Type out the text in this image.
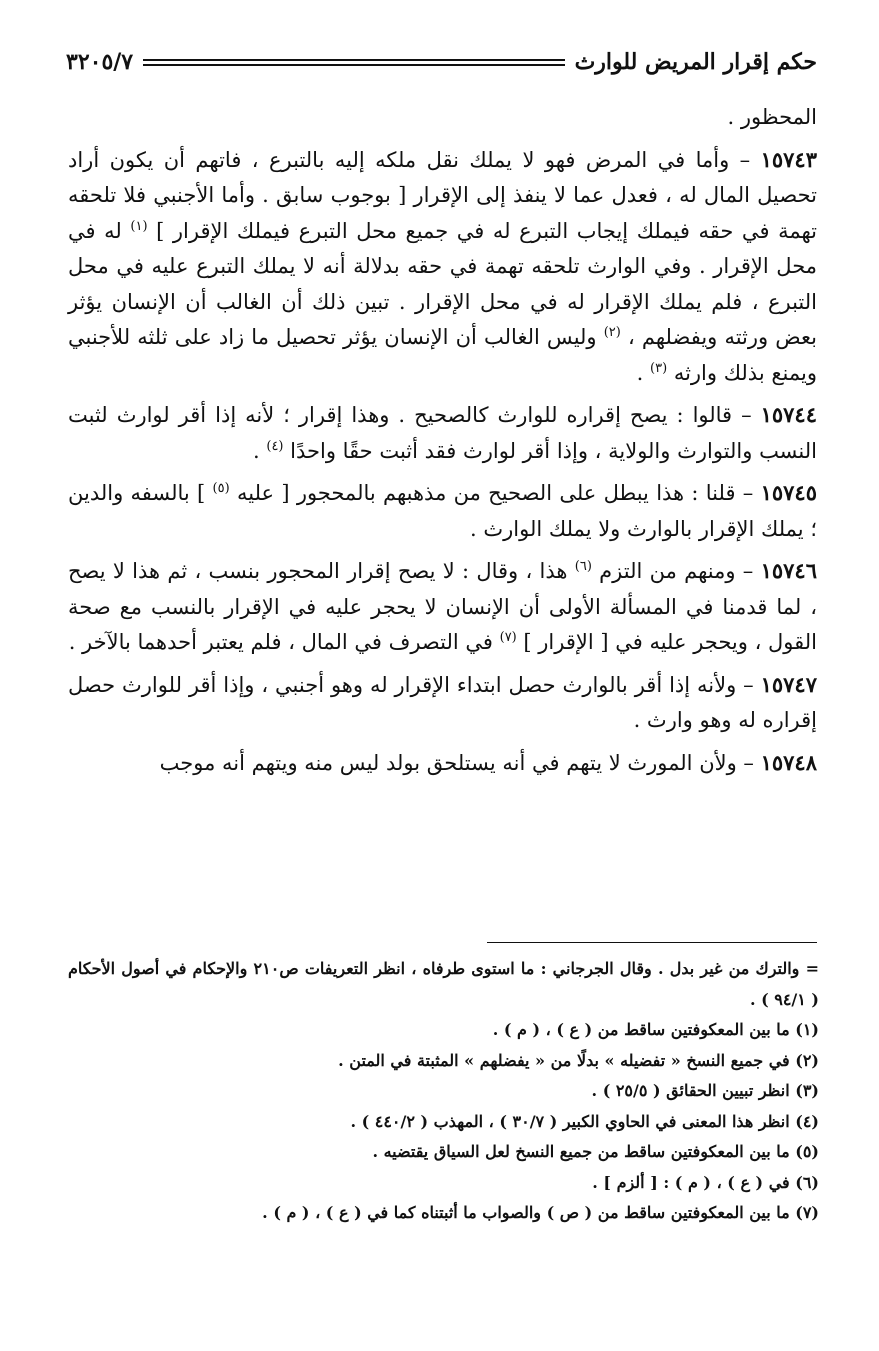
حكم إقرار المريض للوارث
٣٢٠٥/٧

المحظور .

١٥٧٤٣ – وأما في المرض فهو لا يملك نقل ملكه إليه بالتبرع ، فاتهم أن يكون أراد تحصيل المال له ، فعدل عما لا ينفذ إلى الإقرار [ بوجوب سابق . وأما الأجنبي فلا تلحقه تهمة في حقه فيملك إيجاب التبرع له في جميع محل التبرع فيملك الإقرار ] $^{(١)}$ له في محل الإقرار . وفي الوارث تلحقه تهمة في حقه بدلالة أنه لا يملك التبرع عليه في محل التبرع ، فلم يملك الإقرار له في محل الإقرار . تبين ذلك أن الغالب أن الإنسان يؤثر بعض ورثته ويفضلهم ، $^{(٢)}$ وليس الغالب أن الإنسان يؤثر تحصيل ما زاد على ثلثه للأجنبي ويمنع بذلك وارثه $^{(٣)}$ .

١٥٧٤٤ – قالوا : يصح إقراره للوارث كالصحيح . وهذا إقرار ؛ لأنه إذا أقر لوارث لثبت النسب والتوارث والولاية ، وإذا أقر لوارث فقد أثبت حقًا واحدًا $^{(٤)}$ .

١٥٧٤٥ – قلنا : هذا يبطل على الصحيح من مذهبهم بالمحجور [ عليه $^{(٥)}$ ] بالسفه والدين ؛ يملك الإقرار بالوارث ولا يملك الوارث .

١٥٧٤٦ – ومنهم من التزم $^{(٦)}$ هذا ، وقال : لا يصح إقرار المحجور بنسب ، ثم هذا لا يصح ، لما قدمنا في المسألة الأولى أن الإنسان لا يحجر عليه في الإقرار بالنسب مع صحة القول ، ويحجر عليه في [ الإقرار ] $^{(٧)}$ في التصرف في المال ، فلم يعتبر أحدهما بالآخر .

١٥٧٤٧ – ولأنه إذا أقر بالوارث حصل ابتداء الإقرار له وهو أجنبي ، وإذا أقر للوارث حصل إقراره له وهو وارث .

١٥٧٤٨ – ولأن المورث لا يتهم في أنه يستلحق بولد ليس منه ويتهم أنه موجب

= والترك من غير بدل . وقال الجرجاني : ما استوى طرفاه ، انظر التعريفات ص٢١٠ والإحكام في أصول الأحكام ( ٩٤/١ ) .

(١) ما بين المعكوفتين ساقط من ( ع ) ، ( م ) .

(٢) في جميع النسخ « تفضيله » بدلًا من « يفضلهم » المثبتة في المتن .

(٣) انظر تبيين الحقائق ( ٢٥/٥ ) .

(٤) انظر هذا المعنى في الحاوي الكبير ( ٣٠/٧ ) ، المهذب ( ٤٤٠/٢ ) .

(٥) ما بين المعكوفتين ساقط من جميع النسخ لعل السياق يقتضيه .

(٦) في ( ع ) ، ( م ) : [ ألزم ] .

(٧) ما بين المعكوفتين ساقط من ( ص ) والصواب ما أثبتناه كما في ( ع ) ، ( م ) .
